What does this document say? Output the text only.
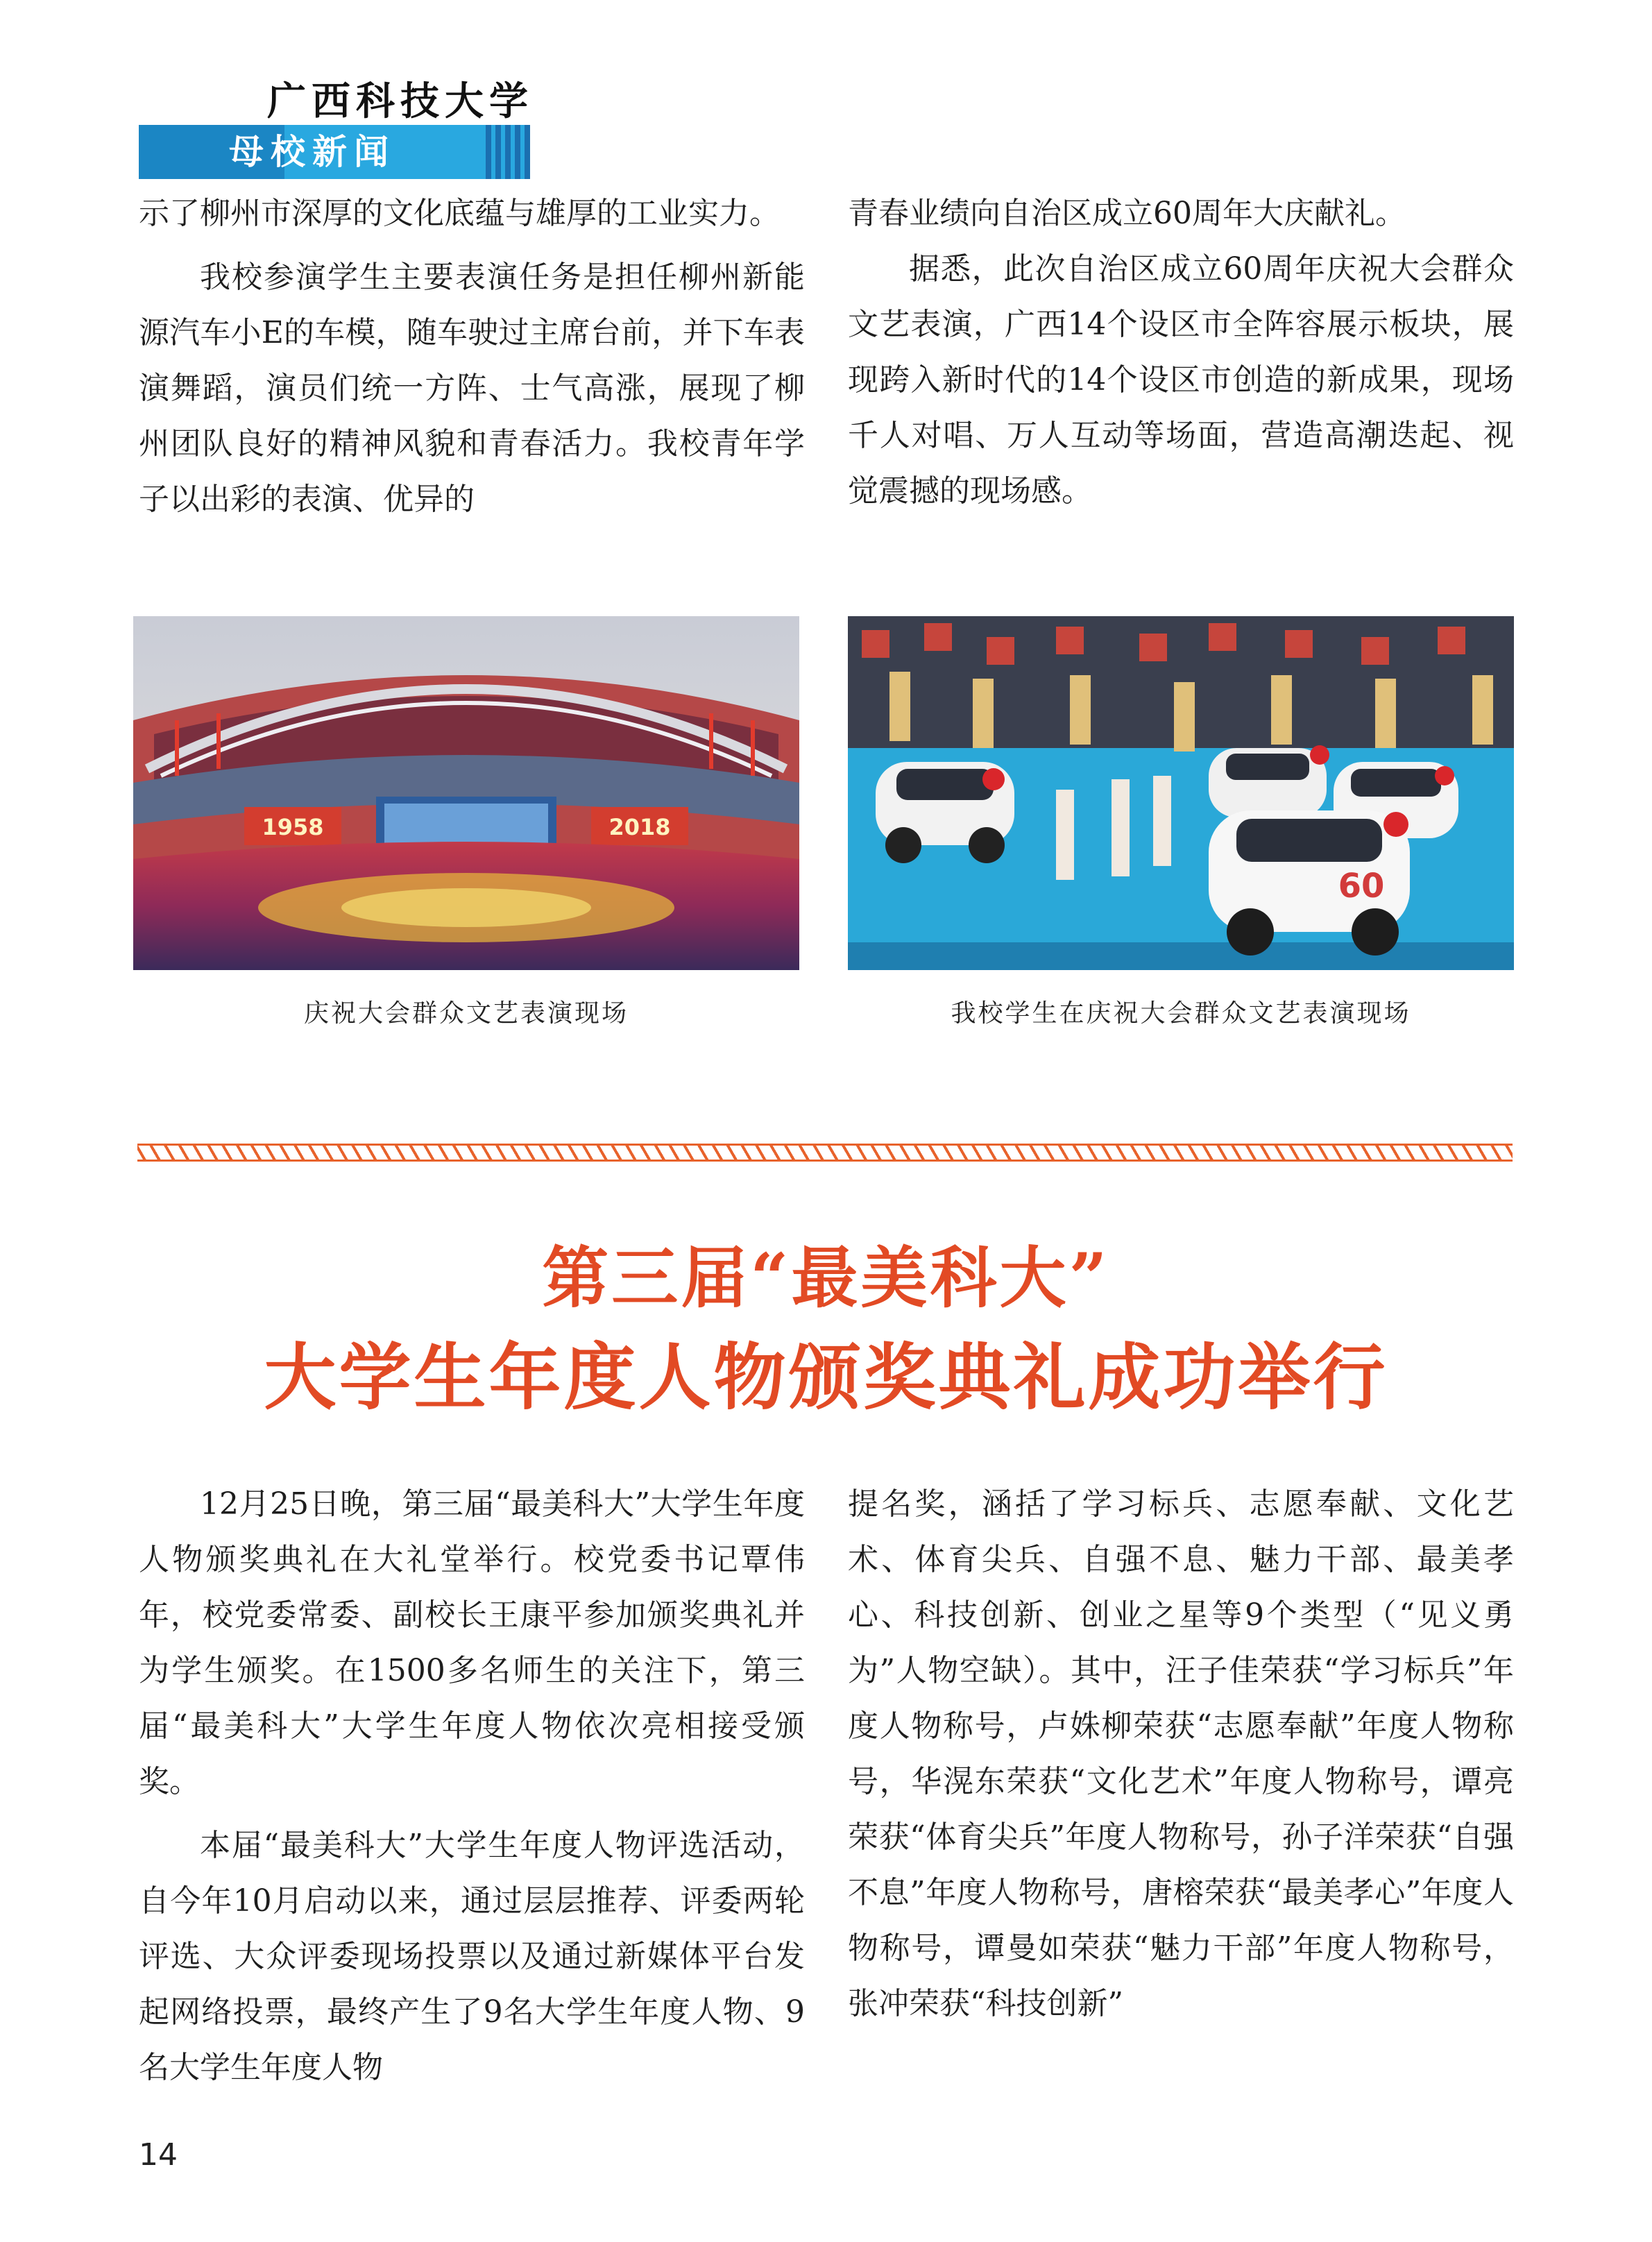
广西科技大学
母校新闻

示了柳州市深厚的文化底蕴与雄厚的工业实力。

我校参演学生主要表演任务是担任柳州新能源汽车小E的车模，随车驶过主席台前，并下车表演舞蹈，演员们统一方阵、士气高涨，展现了柳州团队良好的精神风貌和青春活力。我校青年学子以出彩的表演、优异的

青春业绩向自治区成立60周年大庆献礼。

据悉，此次自治区成立60周年庆祝大会群众文艺表演，广西14个设区市全阵容展示板块，展现跨入新时代的14个设区市创造的新成果，现场千人对唱、万人互动等场面，营造高潮迭起、视觉震撼的现场感。

1958	2018
60
庆祝大会群众文艺表演现场	我校学生在庆祝大会群众文艺表演现场
第三届“最美科大”
大学生年度人物颁奖典礼成功举行

12月25日晚，第三届“最美科大”大学生年度人物颁奖典礼在大礼堂举行。校党委书记覃伟年，校党委常委、副校长王康平参加颁奖典礼并为学生颁奖。在1500多名师生的关注下，第三届“最美科大”大学生年度人物依次亮相接受颁奖。

本届“最美科大”大学生年度人物评选活动，自今年10月启动以来，通过层层推荐、评委两轮评选、大众评委现场投票以及通过新媒体平台发起网络投票，最终产生了9名大学生年度人物、9名大学生年度人物

提名奖，涵括了学习标兵、志愿奉献、文化艺术、体育尖兵、自强不息、魅力干部、最美孝心、科技创新、创业之星等9个类型（“见义勇为”人物空缺）。其中，汪子佳荣获“学习标兵”年度人物称号，卢姝柳荣获“志愿奉献”年度人物称号，华滉东荣获“文化艺术”年度人物称号，谭亮荣获“体育尖兵”年度人物称号，孙子洋荣获“自强不息”年度人物称号，唐榕荣获“最美孝心”年度人物称号，谭曼如荣获“魅力干部”年度人物称号，张冲荣获“科技创新”

14
